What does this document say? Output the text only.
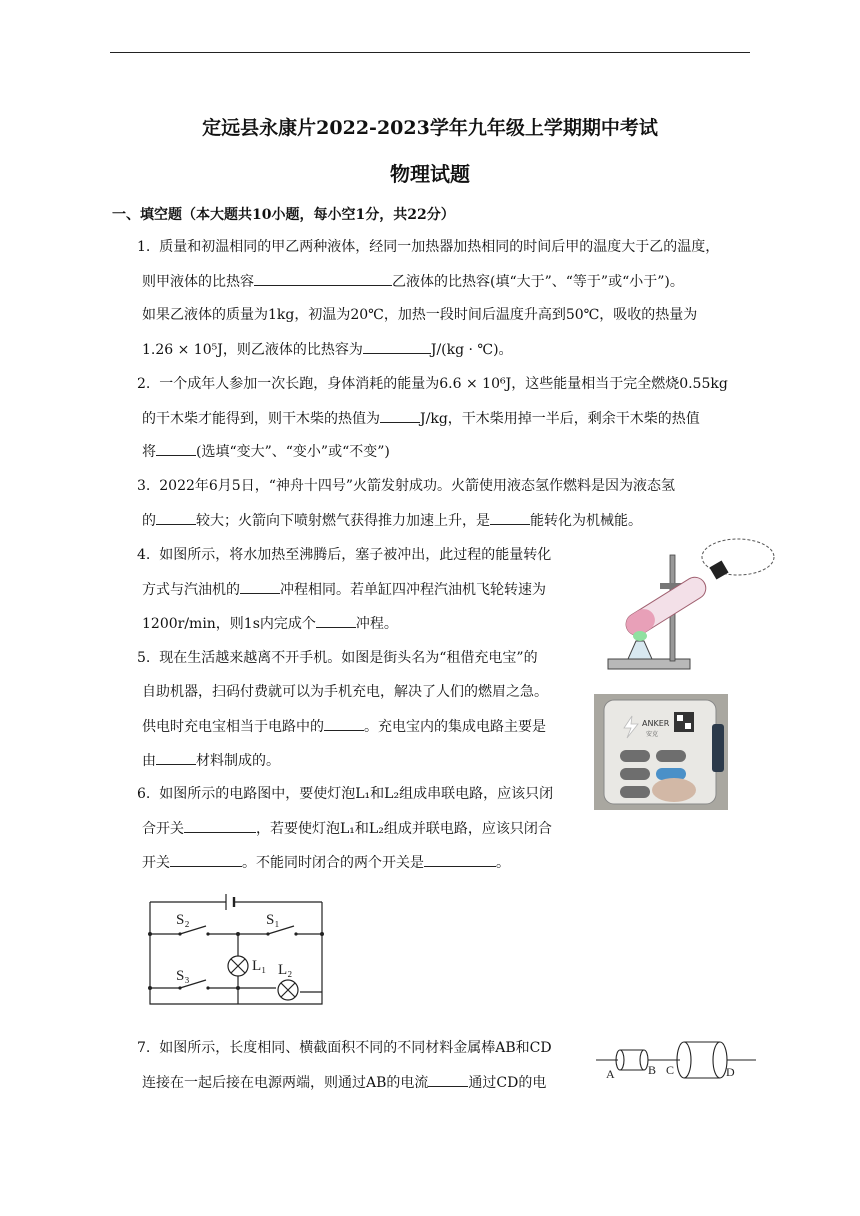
定远县永康片2022-2023学年九年级上学期期中考试
物理试题
一、填空题（本大题共10小题，每小空1分，共22分）
1. 质量和初温相同的甲乙两种液体，经同一加热器加热相同的时间后甲的温度大于乙的温度，
则甲液体的比热容	乙液体的比热容(填“大于”、“等于”或“小于”)。
如果乙液体的质量为1kg，初温为20℃，加热一段时间后温度升高到50℃，吸收的热量为
1.26 × 10⁵J，则乙液体的比热容为	J/(kg · ℃)。
2. 一个成年人参加一次长跑，身体消耗的能量为6.6 × 10⁶J，这些能量相当于完全燃烧0.55kg
的干木柴才能得到，则干木柴的热值为	J/kg，干木柴用掉一半后，剩余干木柴的热值
将	(选填“变大”、“变小”或“不变”)
3. 2022年6月5日，“神舟十四号”火箭发射成功。火箭使用液态氢作燃料是因为液态氢
的	较大；火箭向下喷射燃气获得推力加速上升，是	能转化为机械能。
4. 如图所示，将水加热至沸腾后，塞子被冲出，此过程的能量转化
方式与汽油机的	冲程相同。若单缸四冲程汽油机飞轮转速为
1200r/min，则1s内完成个	冲程。
5. 现在生活越来越离不开手机。如图是街头名为“租借充电宝”的
自助机器，扫码付费就可以为手机充电，解决了人们的燃眉之急。
供电时充电宝相当于电路中的	。充电宝内的集成电路主要是
由	材料制成的。
6. 如图所示的电路图中，要使灯泡L₁和L₂组成串联电路，应该只闭
合开关	，若要使灯泡L₁和L₂组成并联电路，应该只闭合
开关	。不能同时闭合的两个开关是	。
7. 如图所示，长度相同、横截面积不同的不同材料金属棒AB和CD
连接在一起后接在电源两端，则通过AB的电流	通过CD的电
ANKER
安克
S₂	S₁
S₃
L₁ L₂
A	B C	D
